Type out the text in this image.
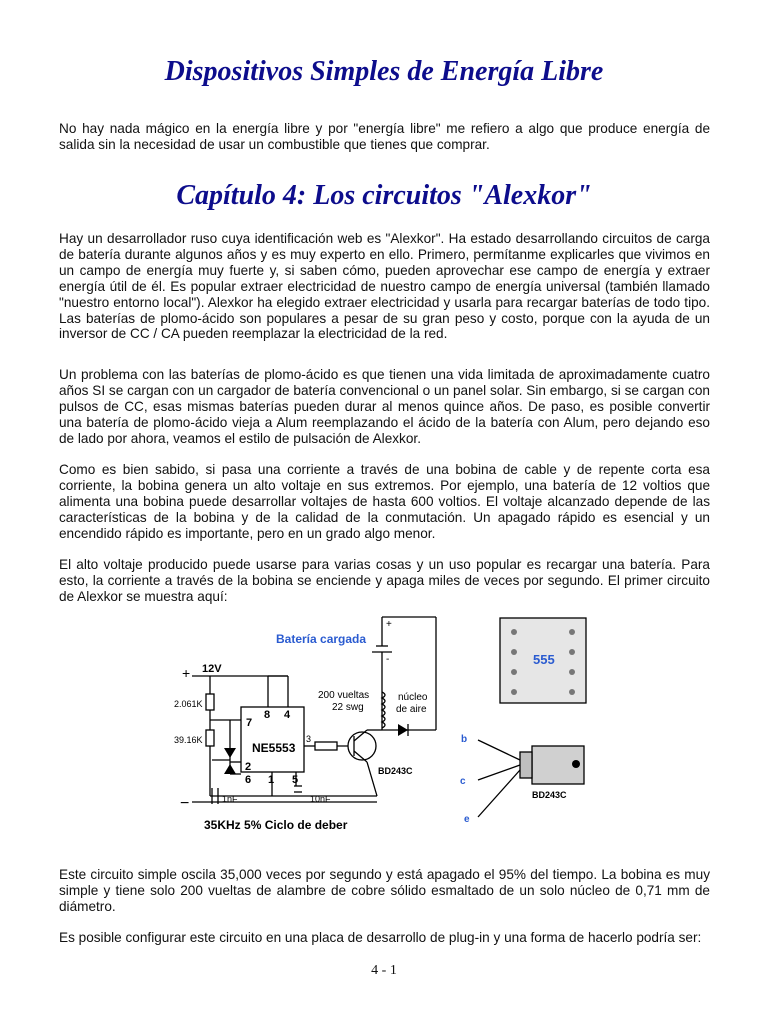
Dispositivos Simples de Energía Libre

No hay nada mágico en la energía libre y por "energía libre" me refiero a algo que produce energía de salida sin la necesidad de usar un combustible que tienes que comprar.

Capítulo 4: Los circuitos "Alexkor"

Hay un desarrollador ruso cuya identificación web es "Alexkor". Ha estado desarrollando circuitos de carga de batería durante algunos años y es muy experto en ello. Primero, permítanme explicarles que vivimos en un campo de energía muy fuerte y, si saben cómo, pueden aprovechar ese campo de energía y extraer energía útil de él. Es popular extraer electricidad de nuestro campo de energía universal (también llamado "nuestro entorno local"). Alexkor ha elegido extraer electricidad y usarla para recargar baterías de todo tipo. Las baterías de plomo-ácido son populares a pesar de su gran peso y costo, porque con la ayuda de un inversor de CC / CA pueden reemplazar la electricidad de la red.

Un problema con las baterías de plomo-ácido es que tienen una vida limitada de aproximadamente cuatro años SI se cargan con un cargador de batería convencional o un panel solar. Sin embargo, si se cargan con pulsos de CC, esas mismas baterías pueden durar al menos quince años. De paso, es posible convertir una batería de plomo-ácido vieja a Alum reemplazando el ácido de la batería con Alum, pero dejando eso de lado por ahora, veamos el estilo de pulsación de Alexkor.

Como es bien sabido, si pasa una corriente a través de una bobina de cable y de repente corta esa corriente, la bobina genera un alto voltaje en sus extremos. Por ejemplo, una batería de 12 voltios que alimenta una bobina puede desarrollar voltajes de hasta 600 voltios. El voltaje alcanzado depende de las características de la bobina y de la calidad de la conmutación. Un apagado rápido es esencial y un encendido rápido es importante, pero en un grado algo menor.

El alto voltaje producido puede usarse para varias cosas y un uso popular es recargar una batería. Para esto, la corriente a través de la bobina se enciende y apaga miles de veces por segundo. El primer circuito de Alexkor se muestra aquí:

Batería cargada
+
-
+ 12V
−
2.061K
39.16K
NE5553
7
8 4
2
6 1 5
3
200 vueltas
22 swg
núcleo
de aire
BD243C
1nF	10nF
35KHz 5% Ciclo de deber
555
BD243C
b
c
e

Este circuito simple oscila 35,000 veces por segundo y está apagado el 95% del tiempo. La bobina es muy simple y tiene solo 200 vueltas de alambre de cobre sólido esmaltado de un solo núcleo de 0,71 mm de diámetro.

Es posible configurar este circuito en una placa de desarrollo de plug-in y una forma de hacerlo podría ser:

4 - 1
